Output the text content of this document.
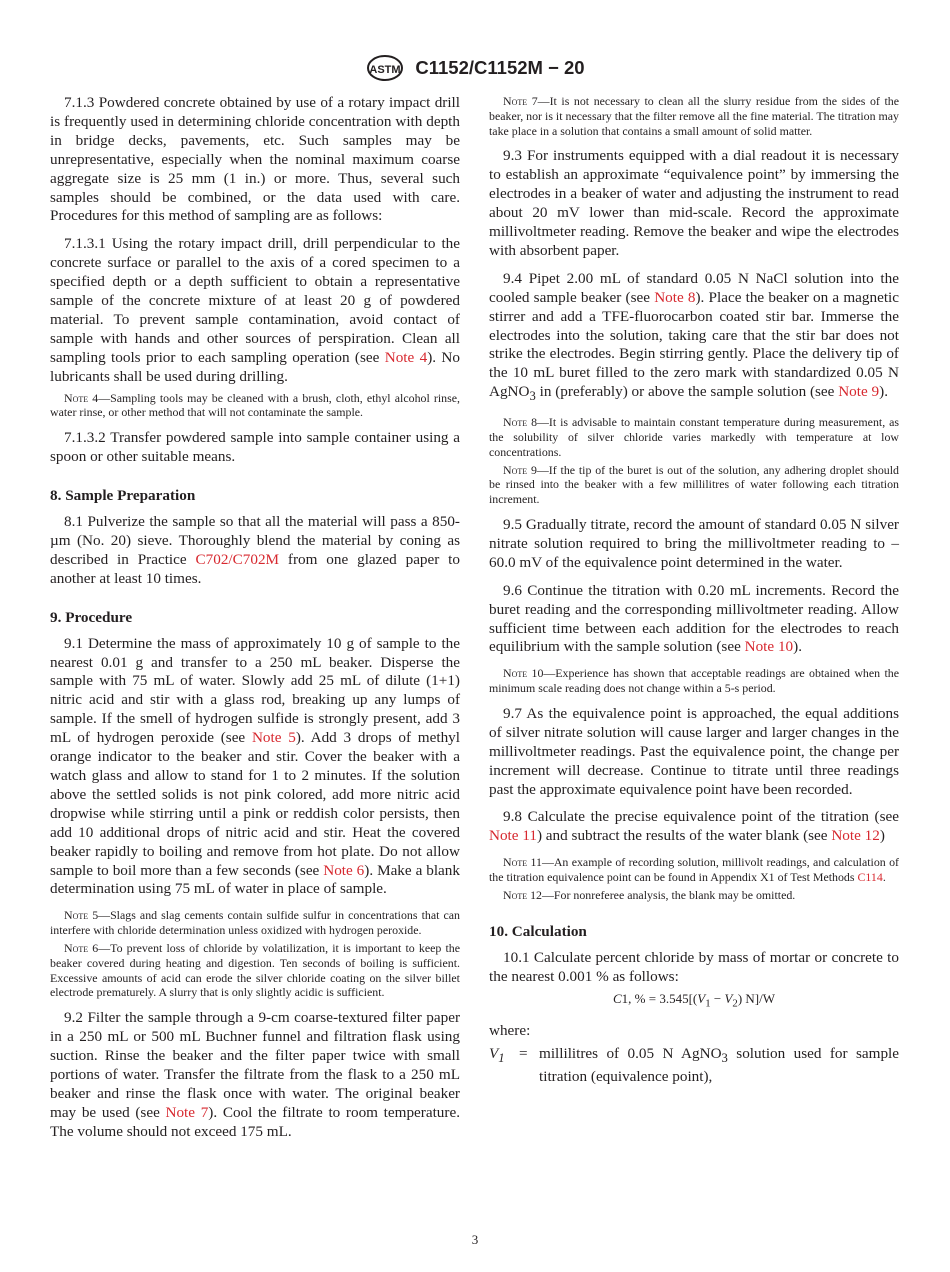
ASTM C1152/C1152M − 20

7.1.3 Powdered concrete obtained by use of a rotary impact drill is frequently used in determining chloride concentration with depth in bridge decks, pavements, etc. Such samples may be unrepresentative, especially when the nominal maximum coarse aggregate size is 25 mm (1 in.) or more. Thus, several such samples should be combined, or the data used with care. Procedures for this method of sampling are as follows:

7.1.3.1 Using the rotary impact drill, drill perpendicular to the concrete surface or parallel to the axis of a cored specimen to a specified depth or a depth sufficient to obtain a representative sample of the concrete mixture of at least 20 g of powdered material. To prevent sample contamination, avoid contact of sample with hands and other sources of perspiration. Clean all sampling tools prior to each sampling operation (see Note 4). No lubricants shall be used during drilling.

Note 4—Sampling tools may be cleaned with a brush, cloth, ethyl alcohol rinse, water rinse, or other method that will not contaminate the sample.

7.1.3.2 Transfer powdered sample into sample container using a spoon or other suitable means.

8. Sample Preparation

8.1 Pulverize the sample so that all the material will pass a 850-µm (No. 20) sieve. Thoroughly blend the material by coning as described in Practice C702/C702M from one glazed paper to another at least 10 times.

9. Procedure

9.1 Determine the mass of approximately 10 g of sample to the nearest 0.01 g and transfer to a 250 mL beaker. Disperse the sample with 75 mL of water. Slowly add 25 mL of dilute (1+1) nitric acid and stir with a glass rod, breaking up any lumps of sample. If the smell of hydrogen sulfide is strongly present, add 3 mL of hydrogen peroxide (see Note 5). Add 3 drops of methyl orange indicator to the beaker and stir. Cover the beaker with a watch glass and allow to stand for 1 to 2 minutes. If the solution above the settled solids is not pink colored, add more nitric acid dropwise while stirring until a pink or reddish color persists, then add 10 additional drops of nitric acid and stir. Heat the covered beaker rapidly to boiling and remove from hot plate. Do not allow sample to boil more than a few seconds (see Note 6). Make a blank determination using 75 mL of water in place of sample.

Note 5—Slags and slag cements contain sulfide sulfur in concentrations that can interfere with chloride determination unless oxidized with hydrogen peroxide.
Note 6—To prevent loss of chloride by volatilization, it is important to keep the beaker covered during heating and digestion. Ten seconds of boiling is sufficient. Excessive amounts of acid can erode the silver chloride coating on the silver billet electrode prematurely. A slurry that is only slightly acidic is sufficient.

9.2 Filter the sample through a 9-cm coarse-textured filter paper in a 250 mL or 500 mL Buchner funnel and filtration flask using suction. Rinse the beaker and the filter paper twice with small portions of water. Transfer the filtrate from the flask to a 250 mL beaker and rinse the flask once with water. The original beaker may be used (see Note 7). Cool the filtrate to room temperature. The volume should not exceed 175 mL.

Note 7—It is not necessary to clean all the slurry residue from the sides of the beaker, nor is it necessary that the filter remove all the fine material. The titration may take place in a solution that contains a small amount of solid matter.

9.3 For instruments equipped with a dial readout it is necessary to establish an approximate “equivalence point” by immersing the electrodes in a beaker of water and adjusting the instrument to read about 20 mV lower than mid-scale. Record the approximate millivoltmeter reading. Remove the beaker and wipe the electrodes with absorbent paper.

9.4 Pipet 2.00 mL of standard 0.05 N NaCl solution into the cooled sample beaker (see Note 8). Place the beaker on a magnetic stirrer and add a TFE-fluorocarbon coated stir bar. Immerse the electrodes into the solution, taking care that the stir bar does not strike the electrodes. Begin stirring gently. Place the delivery tip of the 10 mL buret filled to the zero mark with standardized 0.05 N AgNO$_3$ in (preferably) or above the sample solution (see Note 9).

Note 8—It is advisable to maintain constant temperature during measurement, as the solubility of silver chloride varies markedly with temperature at low concentrations.
Note 9—If the tip of the buret is out of the solution, any adhering droplet should be rinsed into the beaker with a few millilitres of water following each titration increment.

9.5 Gradually titrate, record the amount of standard 0.05 N silver nitrate solution required to bring the millivoltmeter reading to –60.0 mV of the equivalence point determined in the water.

9.6 Continue the titration with 0.20 mL increments. Record the buret reading and the corresponding millivoltmeter reading. Allow sufficient time between each addition for the electrodes to reach equilibrium with the sample solution (see Note 10).

Note 10—Experience has shown that acceptable readings are obtained when the minimum scale reading does not change within a 5-s period.

9.7 As the equivalence point is approached, the equal additions of silver nitrate solution will cause larger and larger changes in the millivoltmeter readings. Past the equivalence point, the change per increment will decrease. Continue to titrate until three readings past the approximate equivalence point have been recorded.

9.8 Calculate the precise equivalence point of the titration (see Note 11) and subtract the results of the water blank (see Note 12)

Note 11—An example of recording solution, millivolt readings, and calculation of the titration equivalence point can be found in Appendix X1 of Test Methods C114.
Note 12—For nonreferee analysis, the blank may be omitted.
10. Calculation

10.1 Calculate percent chloride by mass of mortar or concrete to the nearest 0.001 % as follows:

C1, % = $3.545[(V_1 - V_2)$ N]/W
where:
$V_1$ = millilitres of 0.05 N AgNO$_3$ solution used for sample titration (equivalence point),
3
